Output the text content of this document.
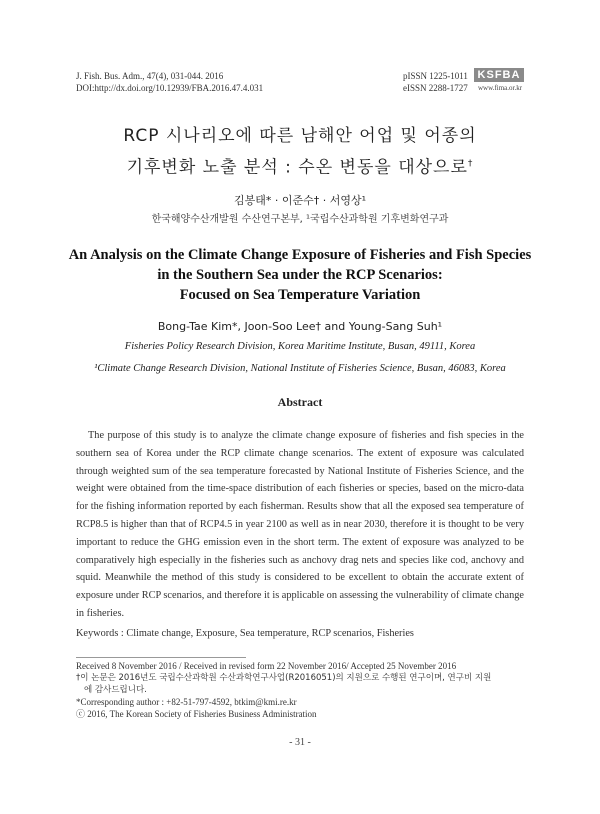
J. Fish. Bus. Adm., 47(4), 031-044. 2016
DOI:http://dx.doi.org/10.12939/FBA.2016.47.4.031
pISSN 1225-1011
eISSN 2288-1727
KSFBA
www.fima.or.kr
RCP 시나리오에 따른 남해안 어업 및 어종의
기후변화 노출 분석 : 수온 변동을 대상으로†
김봉태* · 이준수† · 서영상¹
한국해양수산개발원 수산연구본부, ¹국립수산과학원 기후변화연구과
An Analysis on the Climate Change Exposure of Fisheries and Fish Species
in the Southern Sea under the RCP Scenarios:
Focused on Sea Temperature Variation
Bong-Tae Kim*, Joon-Soo Lee† and Young-Sang Suh¹
Fisheries Policy Research Division, Korea Maritime Institute, Busan, 49111, Korea
¹Climate Change Research Division, National Institute of Fisheries Science, Busan, 46083, Korea
Abstract
The purpose of this study is to analyze the climate change exposure of fisheries and fish species in the southern sea of Korea under the RCP climate change scenarios. The extent of exposure was calculated through weighted sum of the sea temperature forecasted by National Institute of Fisheries Science, and the weight were obtained from the time-space distribution of each fisheries or species, based on the micro-data for the fishing information reported by each fisherman. Results show that all the exposed sea temperature of RCP8.5 is higher than that of RCP4.5 in year 2100 as well as in near 2030, therefore it is thought to be very important to reduce the GHG emission even in the short term. The extent of exposure was analyzed to be comparatively high especially in the fisheries such as anchovy drag nets and species like cod, anchovy and squid. Meanwhile the method of this study is considered to be excellent to obtain the accurate extent of exposure under RCP scenarios, and therefore it is applicable on assessing the vulnerability of climate change in fisheries.
Keywords : Climate change, Exposure, Sea temperature, RCP scenarios, Fisheries
Received 8 November 2016 / Received in revised form 22 November 2016/ Accepted 25 November 2016
†이 논문은 2016년도 국립수산과학원 수산과학연구사업(R2016051)의 지원으로 수행된 연구이며, 연구비 지원
에 감사드립니다.
*Corresponding author : +82-51-797-4592, btkim@kmi.re.kr
ⓒ 2016, The Korean Society of Fisheries Business Administration
- 31 -
